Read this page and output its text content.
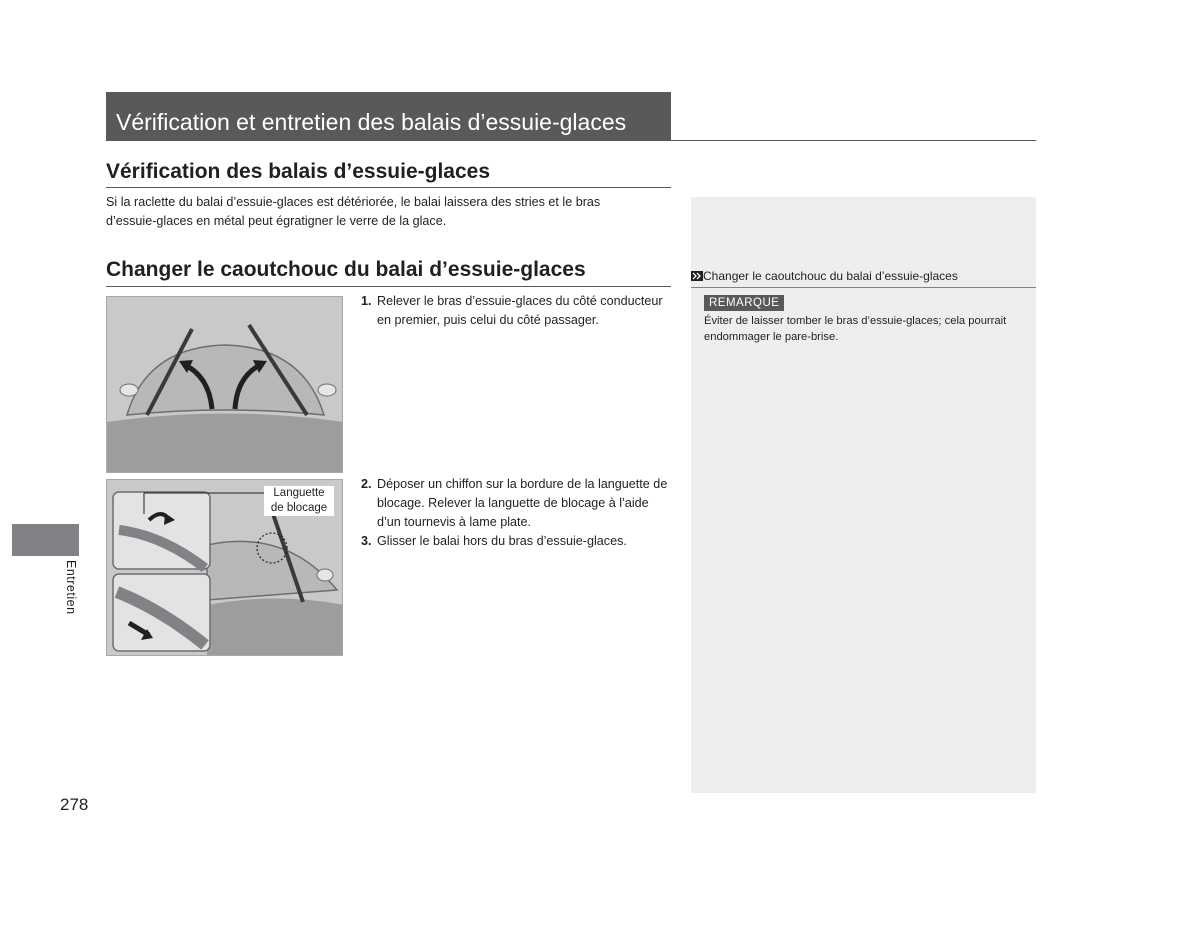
Vérification et entretien des balais d’essuie-glaces
Vérification des balais d’essuie-glaces
Si la raclette du balai d’essuie-glaces est détériorée, le balai laissera des stries et le bras d’essuie-glaces en métal peut égratigner le verre de la glace.
Changer le caoutchouc du balai d’essuie-glaces
Languette
de blocage
1. Relever le bras d’essuie-glaces du côté conducteur en premier, puis celui du côté passager.
2. Déposer un chiffon sur la bordure de la languette de blocage. Relever la languette de blocage à l’aide d’un tournevis à lame plate.
3. Glisser le balai hors du bras d’essuie-glaces.
Changer le caoutchouc du balai d’essuie-glaces
REMARQUE
Éviter de laisser tomber le bras d’essuie-glaces; cela pourrait endommager le pare-brise.
Entretien
278
